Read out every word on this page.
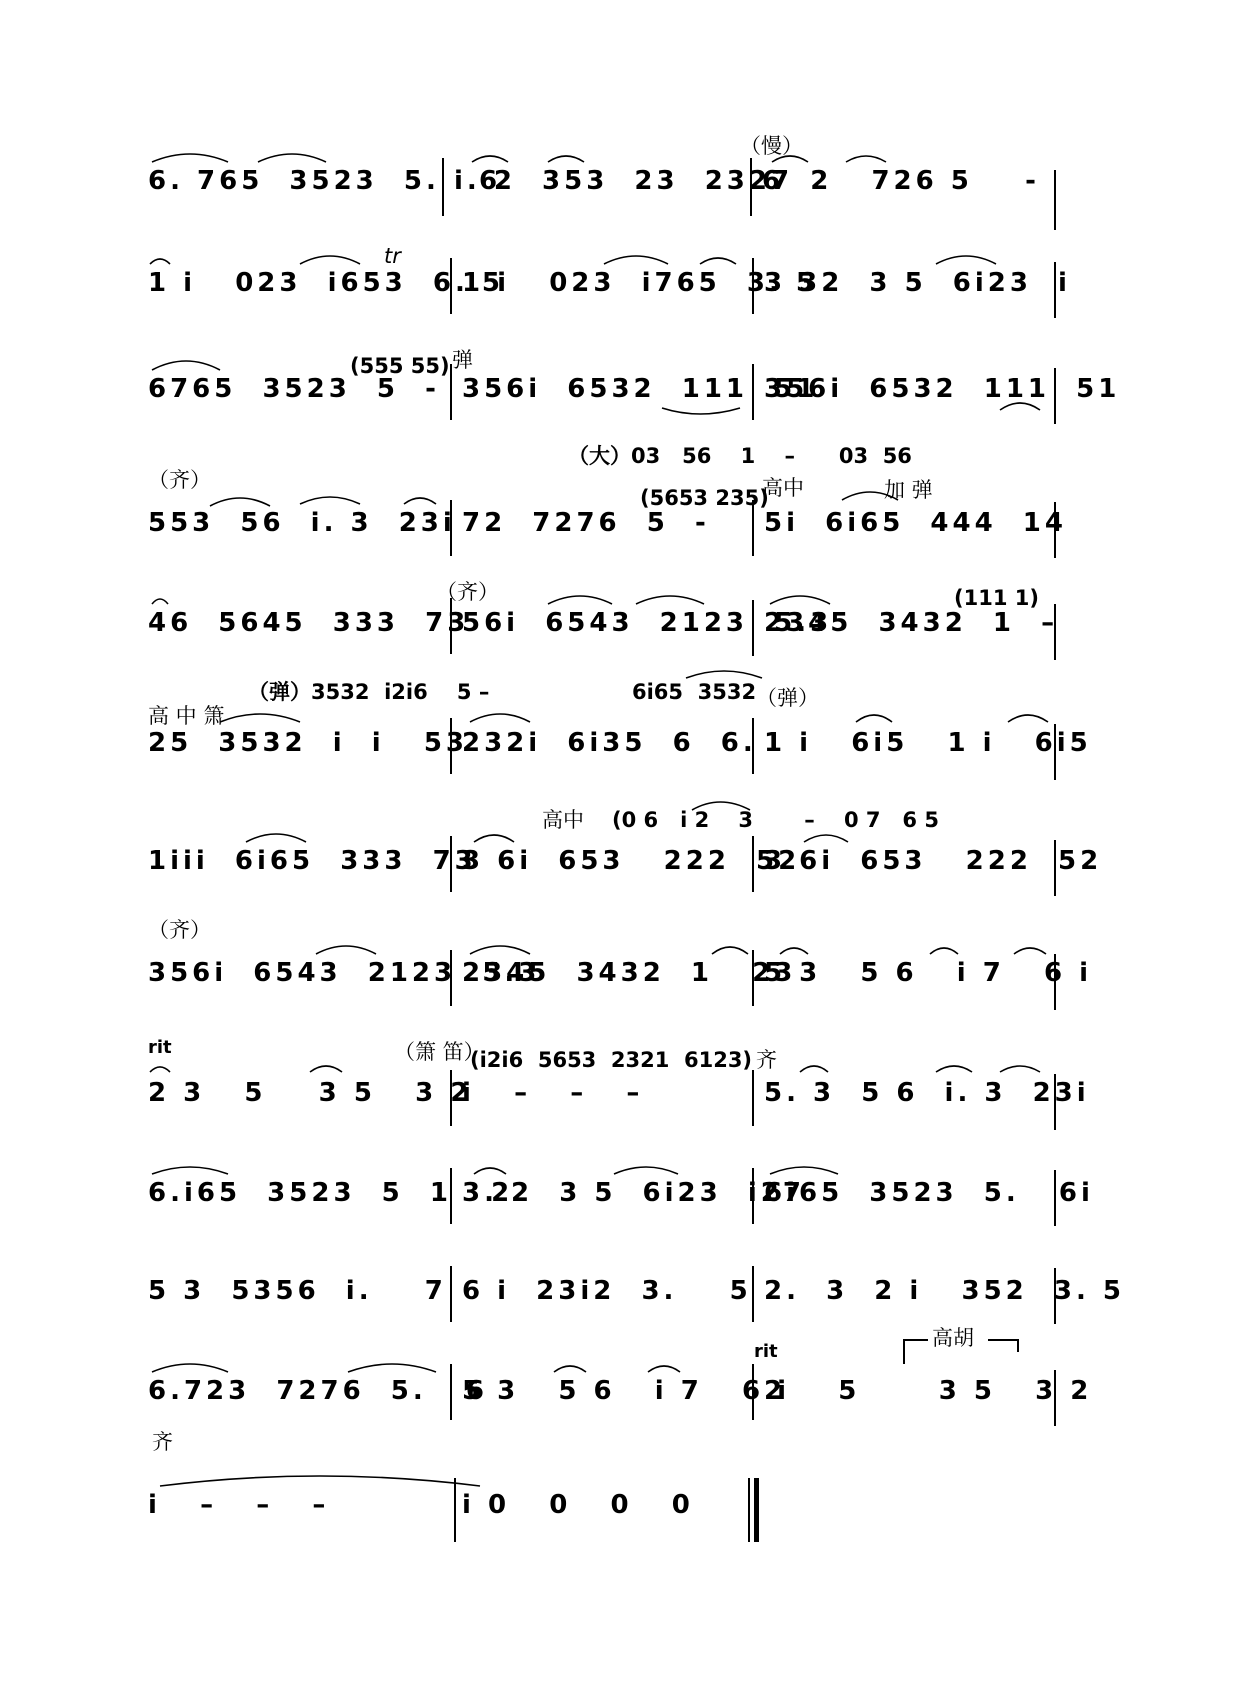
（慢）
6. 765  3523  5.   6
i. 2  353  23  2327
6  2   726 5    -
tr
1 i   023  i653  6. 5
1 i   023  i765  3. 5
3 32  3 5  6i23  i
(555 55) 弹
6765  3523  5  - 356i  6532  111  51
356i  6532  111  51
（齐）
（大）03   56    1    –      03  56
(5653 235)
高中	加 弹
553  56  i. 3  23i 72  7276  5  - 5i  6i65  444  14
（齐）	(111 1)
46  5645  333  73
56i  6543  2123  5.3
2345  3432  1  –
高 中 箫
（弹）3532  i2i6    5 –	6i65  3532 （弹）
25  3532  i  i   53
232i  6i35  6  6. 1 i   6i5   1 i   6i5
高中 (0 6   i 2    3       –    0 7   6 5
1iii  6i65  333  73
3 6i  653   222  52
3 6i  653   222  52
（齐）
356i  6543  2123  5.3
2345  3432  1   23
5 3   5 6   i 7   6 i
rit	（箫 笛）
(i2i6  5653  2321  6123) 齐
2 3   5    3 5   3 2
i   –   –   –	5. 3  5 6  i. 3  23i
6.i65  3523  5  1   2
3. 2  3 5  6i23  i27
6i65  3523  5.   6i
5 3  5356  i.    7 6 i  23i2  3.    5 2.  3  2 i   352  3. 5
rit
高胡
6.723  7276  5.   6
5 3   5 6   i 7   6 i
2    5      3 5   3 2
齐
i   –   –   –	i 0   0   0   0
